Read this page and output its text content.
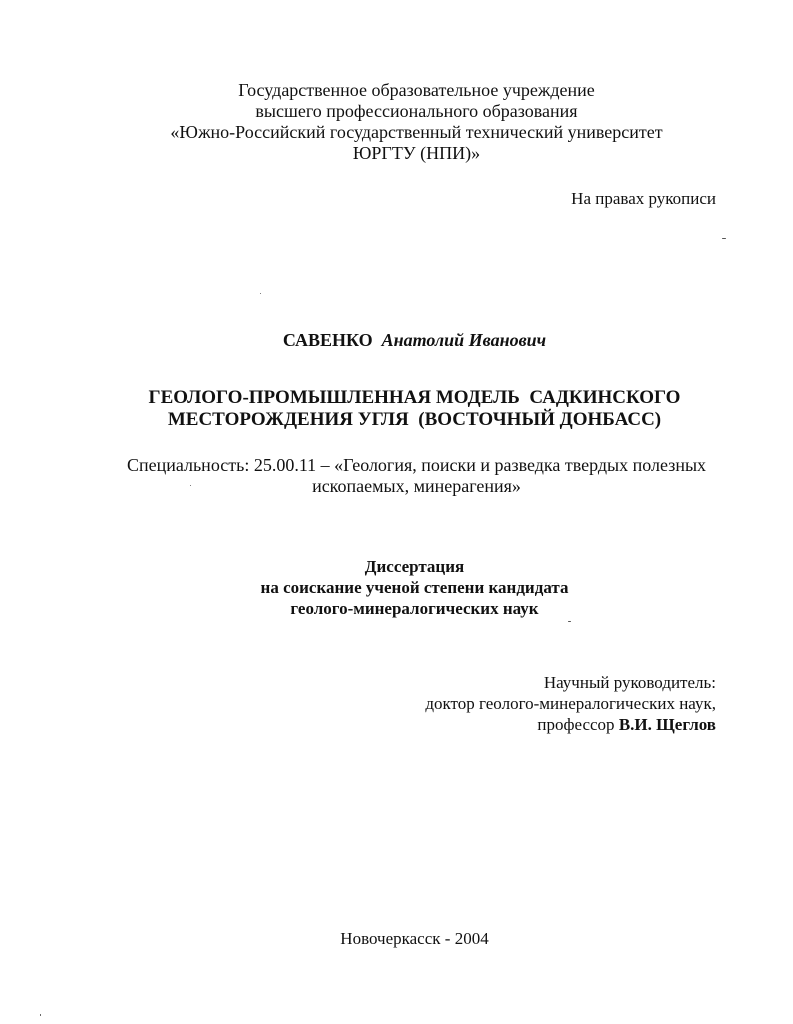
Государственное образовательное учреждение
высшего профессионального образования
«Южно-Российский государственный технический университет
ЮРГТУ (НПИ)»
На правах рукописи
САВЕНКО Анатолий Иванович
ГЕОЛОГО-ПРОМЫШЛЕННАЯ МОДЕЛЬ  САДКИНСКОГО
МЕСТОРОЖДЕНИЯ УГЛЯ  (ВОСТОЧНЫЙ ДОНБАСС)
Специальность: 25.00.11 – «Геология, поиски и разведка твердых полезных
ископаемых, минерагения»
Диссертация
на соискание ученой степени кандидата
геолого-минералогических наук
Научный руководитель:
доктор геолого-минералогических наук,
профессор В.И. Щеглов
Новочеркасск - 2004
